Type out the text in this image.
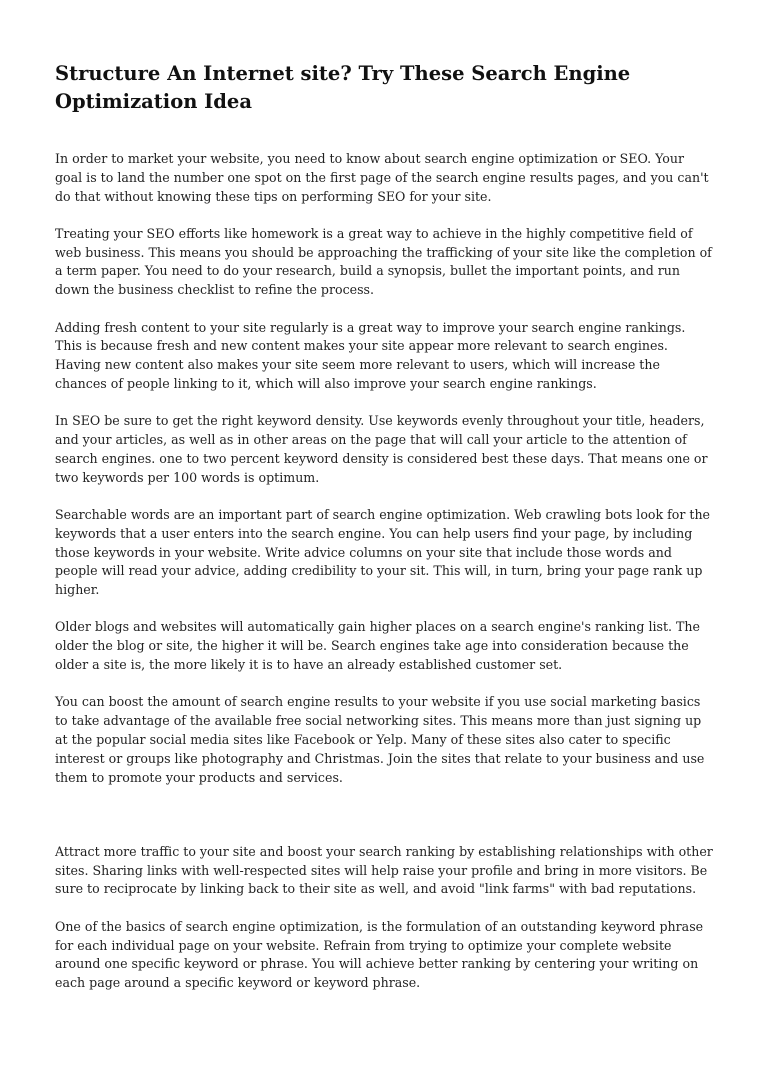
Structure An Internet site? Try These Search Engine Optimization Idea

In order to market your website, you need to know about search engine optimization or SEO. Your goal is to land the number one spot on the first page of the search engine results pages, and you can't do that without knowing these tips on performing SEO for your site.

Treating your SEO efforts like homework is a great way to achieve in the highly competitive field of web business. This means you should be approaching the trafficking of your site like the completion of a term paper. You need to do your research, build a synopsis, bullet the important points, and run down the business checklist to refine the process.

Adding fresh content to your site regularly is a great way to improve your search engine rankings. This is because fresh and new content makes your site appear more relevant to search engines. Having new content also makes your site seem more relevant to users, which will increase the chances of people linking to it, which will also improve your search engine rankings.

In SEO be sure to get the right keyword density. Use keywords evenly throughout your title, headers, and your articles, as well as in other areas on the page that will call your article to the attention of search engines. one to two percent keyword density is considered best these days. That means one or two keywords per 100 words is optimum.

Searchable words are an important part of search engine optimization. Web crawling bots look for the keywords that a user enters into the search engine. You can help users find your page, by including those keywords in your website. Write advice columns on your site that include those words and people will read your advice, adding credibility to your sit. This will, in turn, bring your page rank up higher.

Older blogs and websites will automatically gain higher places on a search engine's ranking list. The older the blog or site, the higher it will be. Search engines take age into consideration because the older a site is, the more likely it is to have an already established customer set.

You can boost the amount of search engine results to your website if you use social marketing basics to take advantage of the available free social networking sites. This means more than just signing up at the popular social media sites like Facebook or Yelp. Many of these sites also cater to specific interest or groups like photography and Christmas. Join the sites that relate to your business and use them to promote your products and services.

Attract more traffic to your site and boost your search ranking by establishing relationships with other sites. Sharing links with well-respected sites will help raise your profile and bring in more visitors. Be sure to reciprocate by linking back to their site as well, and avoid "link farms" with bad reputations.

One of the basics of search engine optimization, is the formulation of an outstanding keyword phrase for each individual page on your website. Refrain from trying to optimize your complete website around one specific keyword or phrase. You will achieve better ranking by centering your writing on each page around a specific keyword or keyword phrase.
